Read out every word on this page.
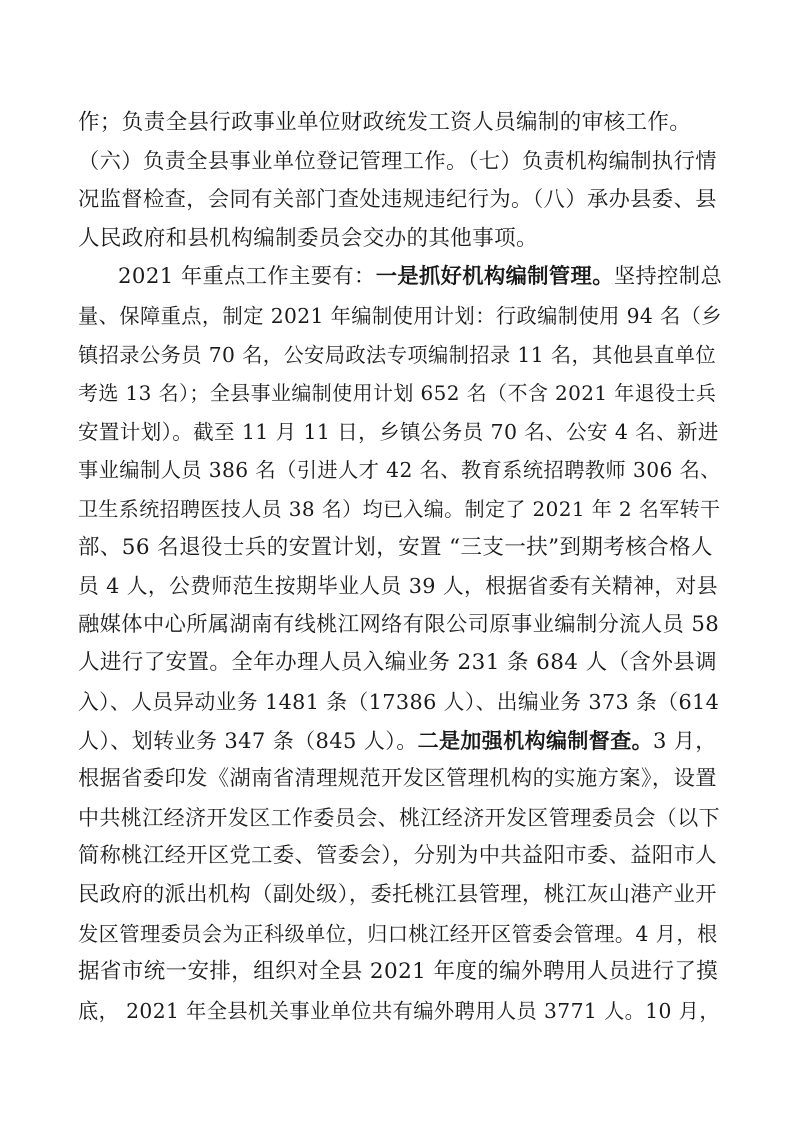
作；负责全县行政事业单位财政统发工资人员编制的审核工作。

（六）负责全县事业单位登记管理工作。（七）负责机构编制执行情

况监督检查，会同有关部门查处违规违纪行为。（八）承办县委、县

人民政府和县机构编制委员会交办的其他事项。

2021 年重点工作主要有：一是抓好机构编制管理。坚持控制总

量、保障重点，制定 2021 年编制使用计划：行政编制使用 94 名（乡

镇招录公务员 70 名，公安局政法专项编制招录 11 名，其他县直单位

考选 13 名）；全县事业编制使用计划 652 名（不含 2021 年退役士兵

安置计划）。截至 11 月 11 日，乡镇公务员 70 名、公安 4 名、新进

事业编制人员 386 名（引进人才 42 名、教育系统招聘教师 306 名、

卫生系统招聘医技人员 38 名）均已入编。制定了 2021 年 2 名军转干

部、56 名退役士兵的安置计划，安置 “三支一扶”到期考核合格人

员 4 人，公费师范生按期毕业人员 39 人，根据省委有关精神，对县

融媒体中心所属湖南有线桃江网络有限公司原事业编制分流人员 58

人进行了安置。全年办理人员入编业务 231 条 684 人（含外县调

入）、人员异动业务 1481 条（17386 人）、出编业务 373 条（614

人）、划转业务 347 条（845 人）。二是加强机构编制督查。3 月，

根据省委印发《湖南省清理规范开发区管理机构的实施方案》，设置

中共桃江经济开发区工作委员会、桃江经济开发区管理委员会（以下

简称桃江经开区党工委、管委会），分别为中共益阳市委、益阳市人

民政府的派出机构（副处级），委托桃江县管理，桃江灰山港产业开

发区管理委员会为正科级单位，归口桃江经开区管委会管理。4 月，根

据省市统一安排，组织对全县 2021 年度的编外聘用人员进行了摸

底， 2021 年全县机关事业单位共有编外聘用人员 3771 人。10 月，
